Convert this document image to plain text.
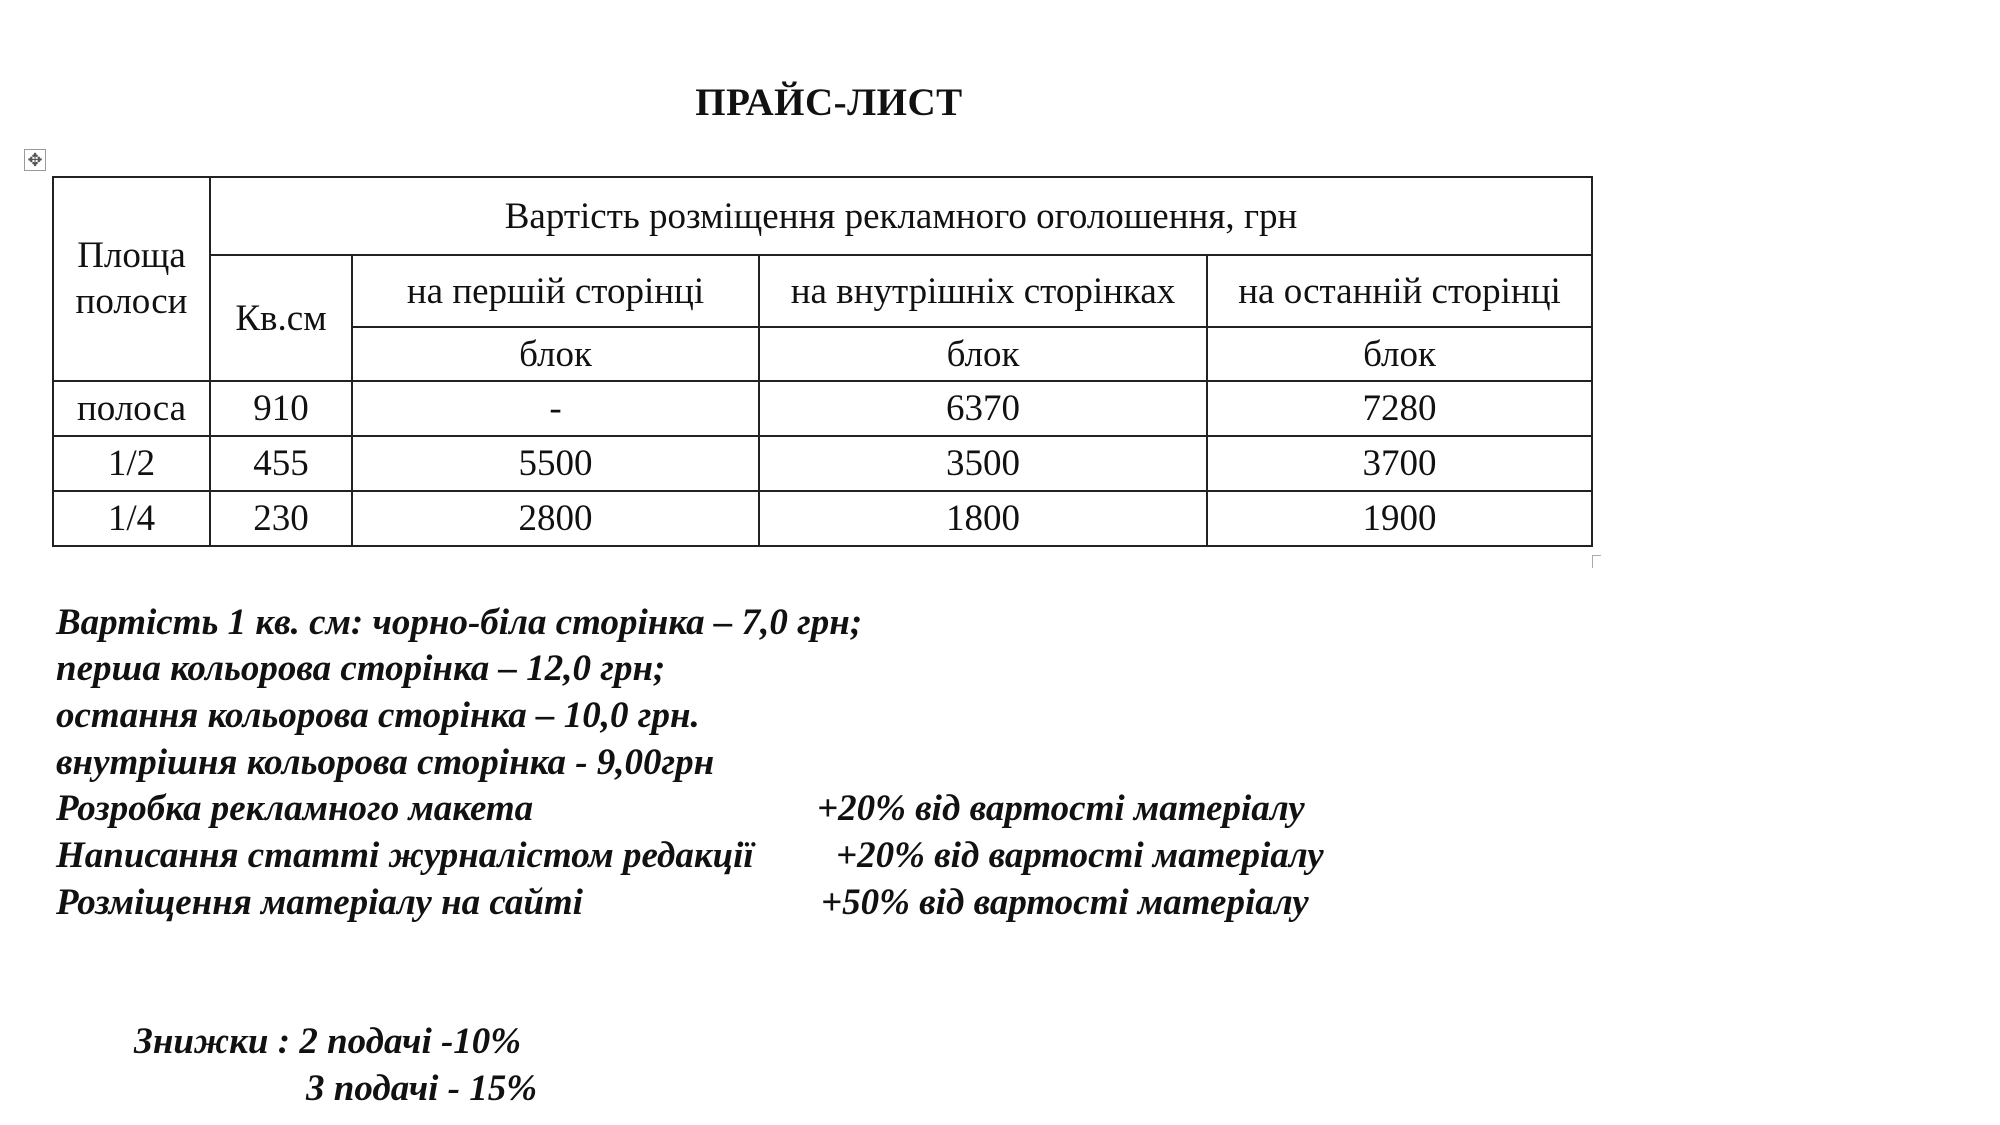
ПРАЙС-ЛИСТ
✥
Площа
полоси	Вартість розміщення рекламного оголошення, грн			
	Кв.см	на першій сторінці	на внутрішніх сторінках	на останній сторінці
		блок	блок	блок
полоса	910	-	6370	7280
1/2	455	5500	3500	3700
1/4	230	2800	1800	1900
Вартість 1 кв. см: чорно-біла сторінка – 7,0 грн;
перша кольорова сторінка – 12,0 грн;
остання кольорова сторінка – 10,0 грн.
внутрішня кольорова сторінка - 9,00грн
Розробка рекламного макета	+20% від вартості матеріалу
Написання статті журналістом редакції +20% від вартості матеріалу
Розміщення матеріалу на сайті	+50% від вартості матеріалу
Знижки : 2 подачі -10%
3 подачі - 15%
